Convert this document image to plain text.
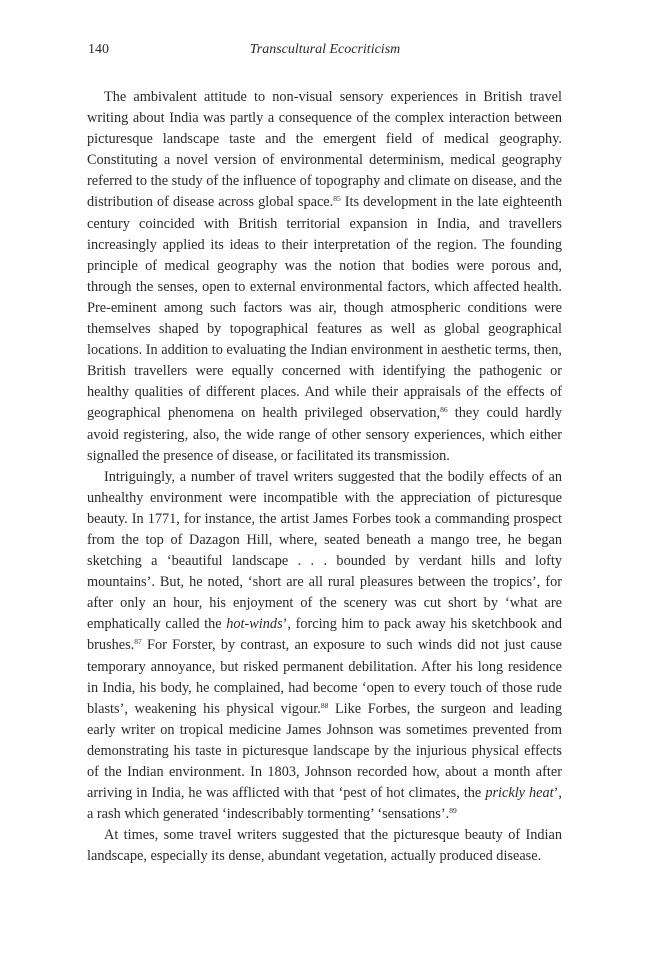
140	Transcultural Ecocriticism

The ambivalent attitude to non-visual sensory experiences in British travel writing about India was partly a consequence of the complex interaction between picturesque landscape taste and the emergent field of medical geography. Constituting a novel version of environmental determinism, medical geography referred to the study of the influence of topography and climate on disease, and the distribution of disease across global space.$^{85}$ Its development in the late eighteenth century coincided with British territorial expansion in India, and travellers increasingly applied its ideas to their interpretation of the region. The founding principle of medical geography was the notion that bodies were porous and, through the senses, open to external environmental factors, which affected health. Pre-eminent among such factors was air, though atmospheric conditions were themselves shaped by topographical features as well as global geographical locations. In addition to evaluating the Indian environment in aesthetic terms, then, British travellers were equally concerned with identifying the pathogenic or healthy qualities of different places. And while their appraisals of the effects of geographical phenomena on health privileged observation,$^{86}$ they could hardly avoid registering, also, the wide range of other sensory experiences, which either signalled the presence of disease, or facilitated its transmission.

Intriguingly, a number of travel writers suggested that the bodily effects of an unhealthy environment were incompatible with the appreciation of picturesque beauty. In 1771, for instance, the artist James Forbes took a commanding prospect from the top of Dazagon Hill, where, seated beneath a mango tree, he began sketching a ‘beautiful landscape . . . bounded by verdant hills and lofty mountains’. But, he noted, ‘short are all rural pleasures between the tropics’, for after only an hour, his enjoyment of the scenery was cut short by ‘what are emphatically called the hot-winds’, forcing him to pack away his sketchbook and brushes.$^{87}$ For Forster, by contrast, an exposure to such winds did not just cause temporary annoyance, but risked permanent debilitation. After his long residence in India, his body, he complained, had become ‘open to every touch of those rude blasts’, weakening his physical vigour.$^{88}$ Like Forbes, the surgeon and leading early writer on tropical medicine James Johnson was sometimes prevented from demonstrating his taste in picturesque landscape by the injurious physical effects of the Indian environment. In 1803, Johnson recorded how, about a month after arriving in India, he was afflicted with that ‘pest of hot climates, the prickly heat’, a rash which generated ‘indescribably tormenting’ ‘sensations’.$^{89}$

At times, some travel writers suggested that the picturesque beauty of Indian landscape, especially its dense, abundant vegetation, actually produced disease.
